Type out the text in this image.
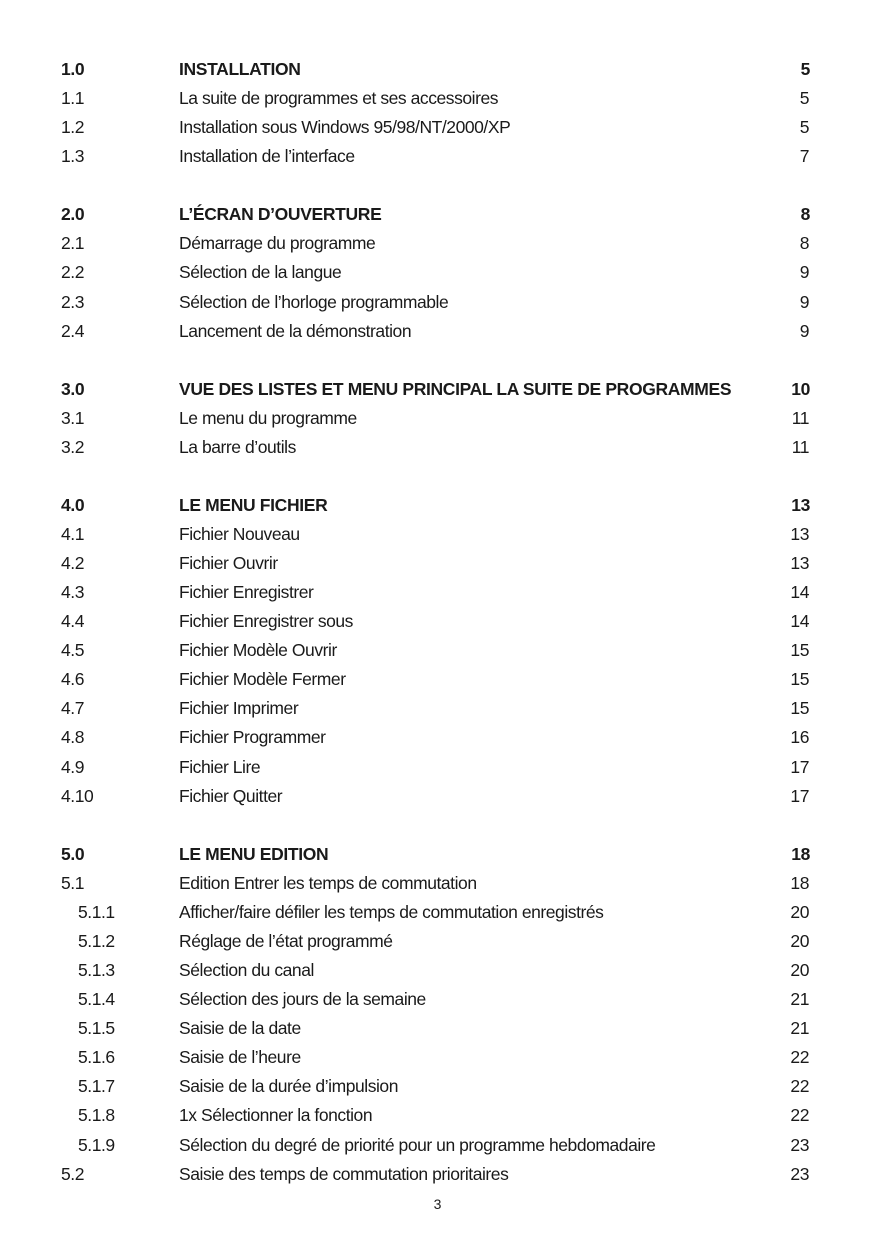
1.0	INSTALLATION	5
1.1	La suite de programmes et ses accessoires	5
1.2	Installation sous Windows 95/98/NT/2000/XP	5
1.3	Installation de l’interface	7
2.0	L’ÉCRAN D’OUVERTURE	8
2.1	Démarrage du programme	8
2.2	Sélection de la langue	9
2.3	Sélection de l’horloge programmable	9
2.4	Lancement de la démonstration	9
3.0	VUE DES LISTES ET MENU PRINCIPAL LA SUITE DE PROGRAMMES	10
3.1	Le menu du programme	11
3.2	La barre d’outils	11
4.0	LE MENU FICHIER	13
4.1	Fichier Nouveau	13
4.2	Fichier Ouvrir	13
4.3	Fichier Enregistrer	14
4.4	Fichier Enregistrer sous	14
4.5	Fichier Modèle Ouvrir	15
4.6	Fichier Modèle Fermer	15
4.7	Fichier Imprimer	15
4.8	Fichier Programmer	16
4.9	Fichier Lire	17
4.10	Fichier Quitter	17
5.0	LE MENU EDITION	18
5.1	Edition Entrer les temps de commutation	18
5.1.1	Afficher/faire défiler les temps de commutation enregistrés	20
5.1.2	Réglage de l’état programmé	20
5.1.3	Sélection du canal	20
5.1.4	Sélection des jours de la semaine	21
5.1.5	Saisie de la date	21
5.1.6	Saisie de l’heure	22
5.1.7	Saisie de la durée d’impulsion	22
5.1.8	1x Sélectionner la fonction	22
5.1.9	Sélection du degré de priorité pour un programme hebdomadaire	23
5.2	Saisie des temps de commutation prioritaires	23
3
